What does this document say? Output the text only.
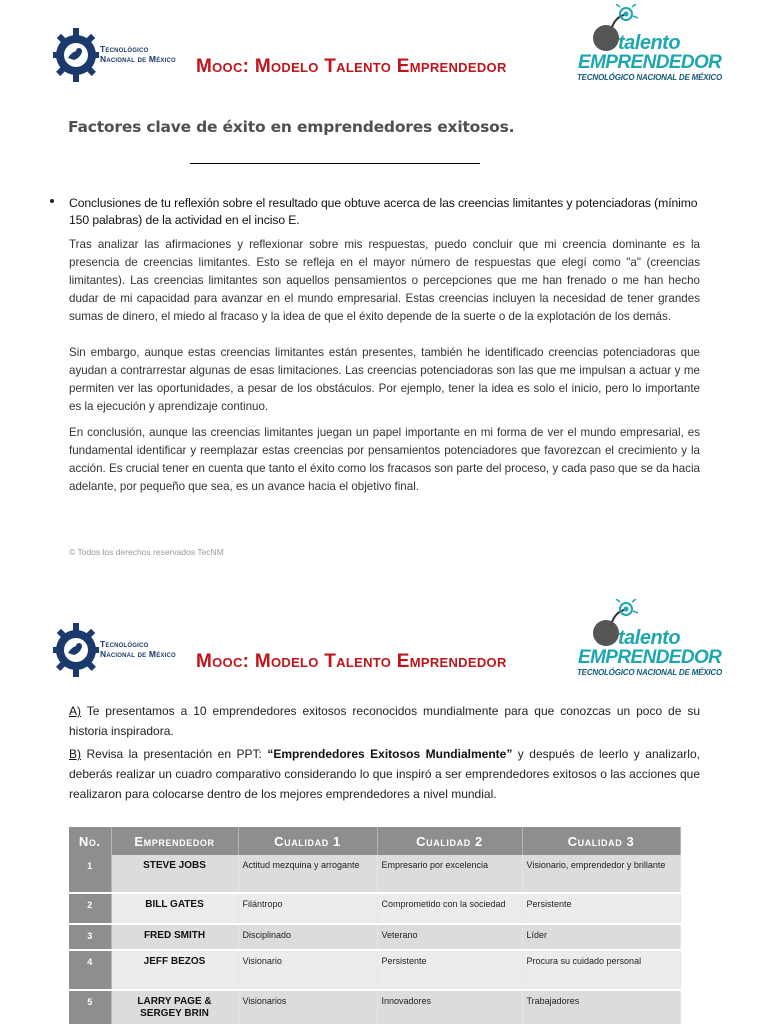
Tecnológico
Nacional de México Mooc: Modelo Talento Emprendedor
talento
EMPRENDEDOR
TECNOLÓGICO NACIONAL DE MÉXICO
Factores clave de éxito en emprendedores exitosos.
Conclusiones de tu reflexión sobre el resultado que obtuve acerca de las creencias limitantes y potenciadoras (mínimo 150 palabras) de la actividad en el inciso E.
Tras analizar las afirmaciones y reflexionar sobre mis respuestas, puedo concluir que mi creencia dominante es la presencia de creencias limitantes. Esto se refleja en el mayor número de respuestas que elegí como "a" (creencias limitantes). Las creencias limitantes son aquellos pensamientos o percepciones que me han frenado o me han hecho dudar de mi capacidad para avanzar en el mundo empresarial. Estas creencias incluyen la necesidad de tener grandes sumas de dinero, el miedo al fracaso y la idea de que el éxito depende de la suerte o de la explotación de los demás.
Sin embargo, aunque estas creencias limitantes están presentes, también he identificado creencias potenciadoras que ayudan a contrarrestar algunas de esas limitaciones. Las creencias potenciadoras son las que me impulsan a actuar y me permiten ver las oportunidades, a pesar de los obstáculos. Por ejemplo, tener la idea es solo el inicio, pero lo importante es la ejecución y aprendizaje continuo.
En conclusión, aunque las creencias limitantes juegan un papel importante en mi forma de ver el mundo empresarial, es fundamental identificar y reemplazar estas creencias por pensamientos potenciadores que favorezcan el crecimiento y la acción. Es crucial tener en cuenta que tanto el éxito como los fracasos son parte del proceso, y cada paso que se da hacia adelante, por pequeño que sea, es un avance hacia el objetivo final.
© Todos los derechos reservados TecNM
Tecnológico
Nacional de México Mooc: Modelo Talento Emprendedor
talento
EMPRENDEDOR
TECNOLÓGICO NACIONAL DE MÉXICO
A) Te presentamos a 10 emprendedores exitosos reconocidos mundialmente para que conozcas un poco de su historia inspiradora.
B) Revisa la presentación en PPT: “Emprendedores Exitosos Mundialmente” y después de leerlo y analizarlo, deberás realizar un cuadro comparativo considerando lo que inspiró a ser emprendedores exitosos o las acciones que realizaron para colocarse dentro de los mejores emprendedores a nivel mundial.
No.	Emprendedor	Cualidad 1	Cualidad 2	Cualidad 3
1	STEVE JOBS	Actitud mezquina y arrogante	Empresario por excelencia	Visionario, emprendedor y brillante
2	BILL GATES	Filántropo	Comprometido con la sociedad	Persistente
3	FRED SMITH	Disciplinado	Veterano	Líder
4	JEFF BEZOS	Visionario	Persistente	Procura su cuidado personal
5	LARRY PAGE & SERGEY BRIN	Visionarios	Innovadores	Trabajadores
